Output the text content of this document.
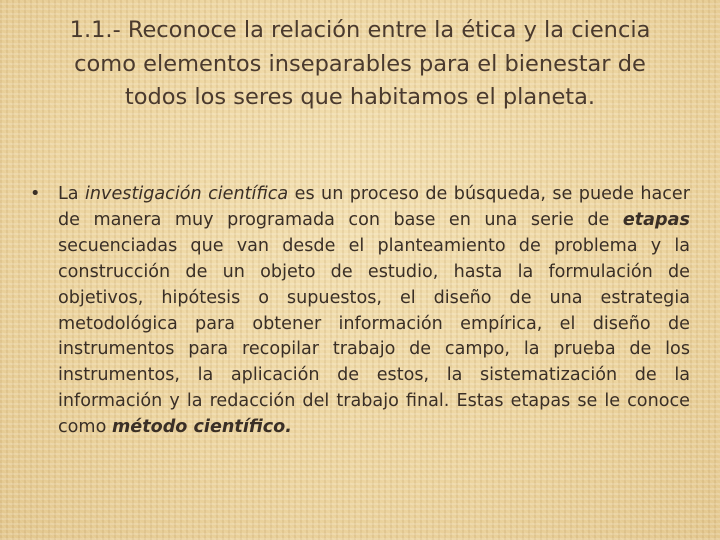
1.1.- Reconoce la relación entre la ética y la ciencia como elementos inseparables para el bienestar de todos los seres que habitamos el planeta.
• La investigación científica es un proceso de búsqueda, se puede hacer de manera muy programada con base en una serie de etapas secuenciadas que van desde el planteamiento de problema y la construcción de un objeto de estudio, hasta la formulación de objetivos, hipótesis o supuestos, el diseño de una estrategia metodológica para obtener información empírica, el diseño de instrumentos para recopilar trabajo de campo, la prueba de los instrumentos, la aplicación de estos, la sistematización de la información y la redacción del trabajo final. Estas etapas se le conoce como método científico.
